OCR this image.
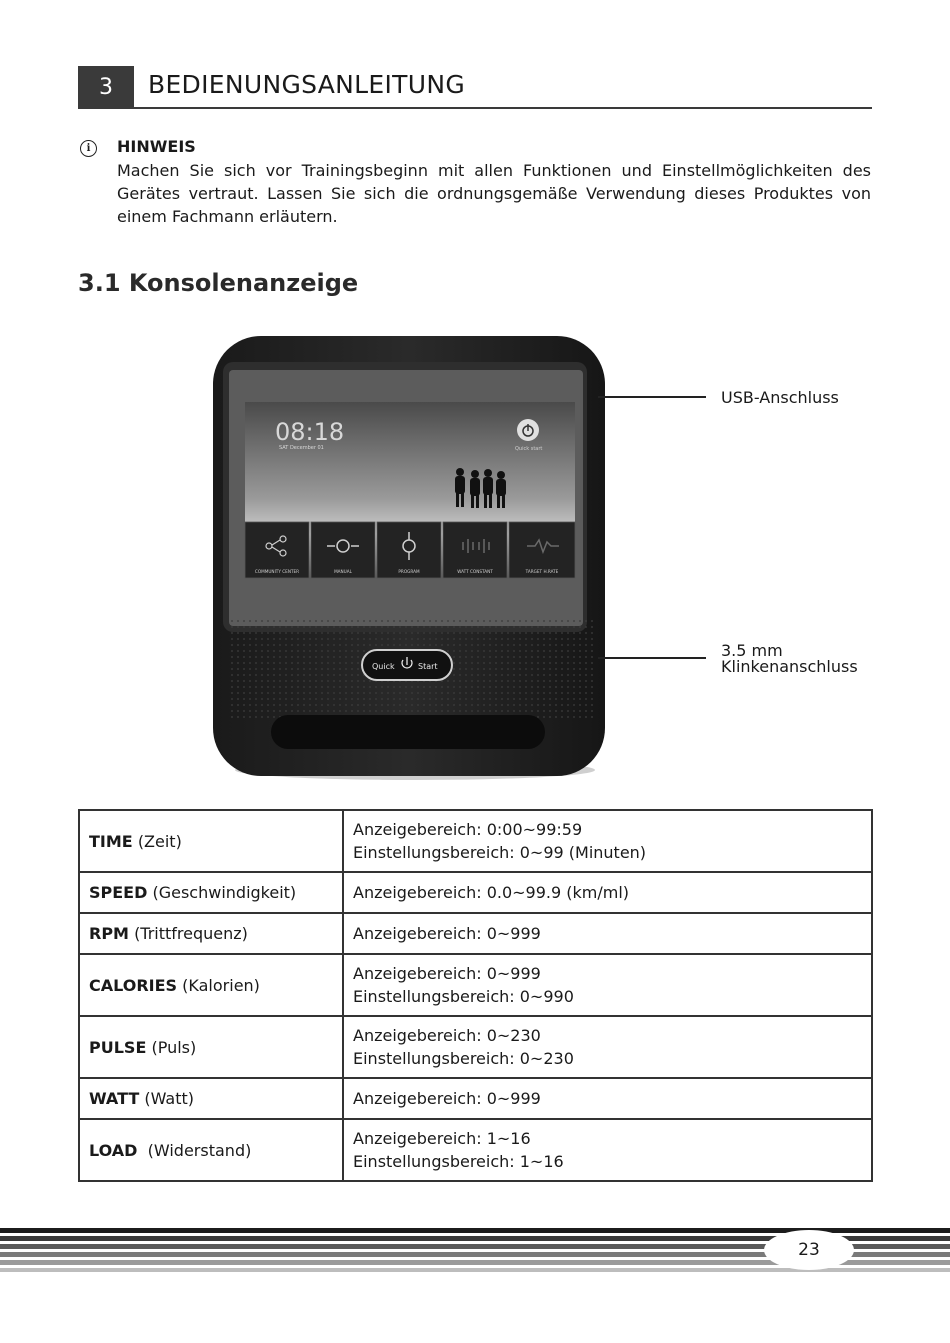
3	BEDIENUNGSANLEITUNG
i	HINWEIS

Machen Sie sich vor Trainingsbeginn mit allen Funktionen und Einstellmöglichkeiten des Gerätes vertraut. Lassen Sie sich die ordnungsgemäße Verwendung dieses Produktes von einem Fachmann erläutern.

3.1 Konsolenanzeige
08:18
SAT December 01	Quick start
COMMUNITY CENTER	MANUAL	PROGRAM	WATT CONSTANT	TARGET H.RATE
Quick	Start
USB-Anschluss
3.5 mm
Klinkenanschluss
TIME (Zeit)	Anzeigebereich: 0:00~99:59
Einstellungsbereich: 0~99 (Minuten)

SPEED (Geschwindigkeit)	Anzeigebereich: 0.0~99.9 (km/ml)

RPM (Trittfrequenz)	Anzeigebereich: 0~999

CALORIES (Kalorien)	Anzeigebereich: 0~999
Einstellungsbereich: 0~990

PULSE (Puls)	Anzeigebereich: 0~230
Einstellungsbereich: 0~230

WATT (Watt)	Anzeigebereich: 0~999

LOAD  (Widerstand)	Anzeigebereich: 1~16
Einstellungsbereich: 1~16
23
